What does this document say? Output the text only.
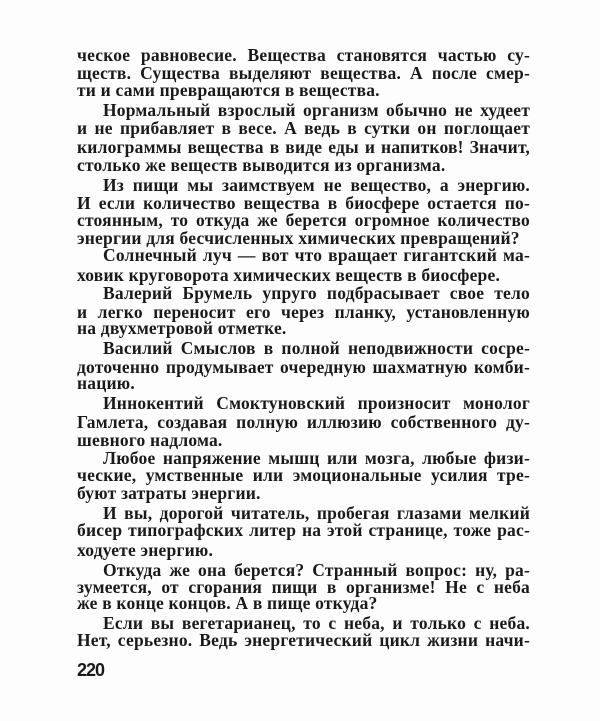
ческое равновесие. Вещества становятся частью су-
ществ. Существа выделяют вещества. А после смер-
ти и сами превращаются в вещества.
Нормальный взрослый организм обычно не худеет
и не прибавляет в весе. А ведь в сутки он поглощает
килограммы вещества в виде еды и напитков! Значит,
столько же веществ выводится из организма.
Из пищи мы заимствуем не вещество, а энергию.
И если количество вещества в биосфере остается по-
стоянным, то откуда же берется огромное количество
энергии для бесчисленных химических превращений?
Солнечный луч — вот что вращает гигантский ма-
ховик круговорота химических веществ в биосфере.
Валерий Брумель упруго подбрасывает свое тело
и легко переносит его через планку, установленную
на двухметровой отметке.
Василий Смыслов в полной неподвижности сосре-
доточенно продумывает очередную шахматную комби-
нацию.
Иннокентий Смоктуновский произносит монолог
Гамлета, создавая полную иллюзию собственного ду-
шевного надлома.
Любое напряжение мышц или мозга, любые физи-
ческие, умственные или эмоциональные усилия тре-
буют затраты энергии.
И вы, дорогой читатель, пробегая глазами мелкий
бисер типографских литер на этой странице, тоже рас-
ходуете энергию.
Откуда же она берется? Странный вопрос: ну, ра-
зумеется, от сгорания пищи в организме! Не с неба
же в конце концов. А в пище откуда?
Если вы вегетарианец, то с неба, и только с неба.
Нет, серьезно. Ведь энергетический цикл жизни начи-
220
